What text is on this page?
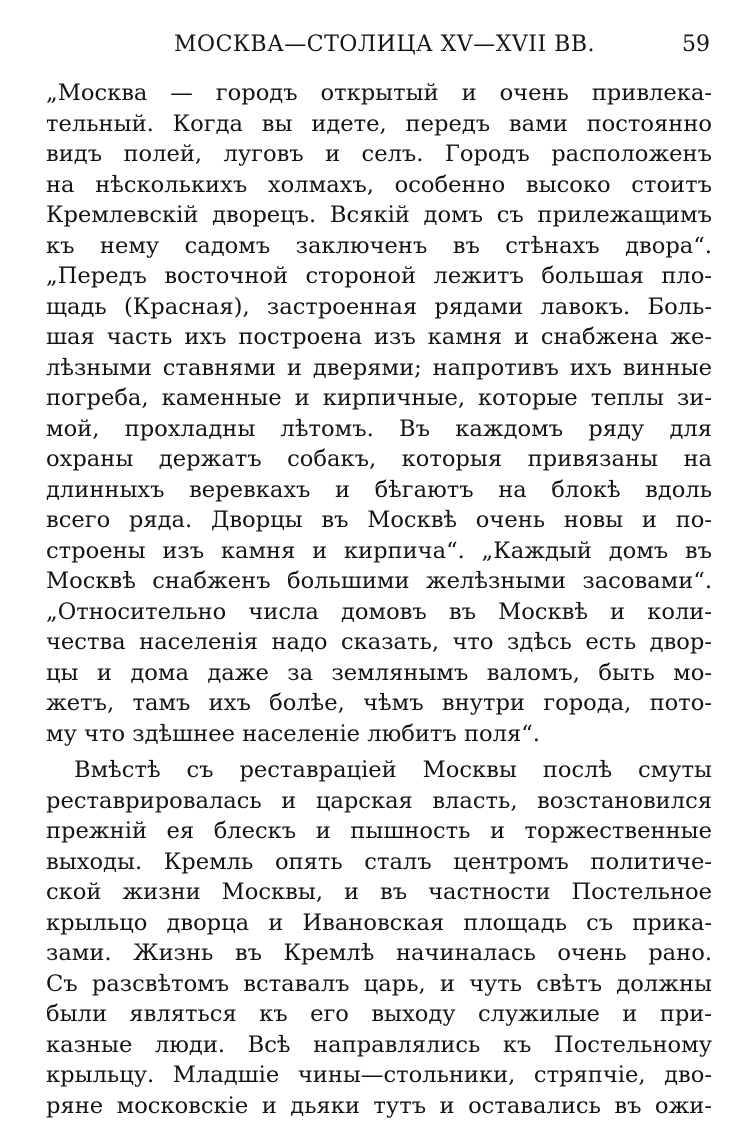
МОСКВА—СТОЛИЦА XV—XVII ВВ.	59
„Москва — городъ открытый и очень привлека-
тельный. Когда вы идете, передъ вами постоянно
видъ полей, луговъ и селъ. Городъ расположенъ
на нѣсколькихъ холмахъ, особенно высоко стоитъ
Кремлевскій дворецъ. Всякій домъ съ прилежащимъ
къ нему садомъ заключенъ въ стѣнахъ двора“.
„Передъ восточной стороной лежитъ большая пло-
щадь (Красная), застроенная рядами лавокъ. Боль-
шая часть ихъ построена изъ камня и снабжена же-
лѣзными ставнями и дверями; напротивъ ихъ винные
погреба, каменные и кирпичные, которые теплы зи-
мой, прохладны лѣтомъ. Въ каждомъ ряду для
охраны держатъ собакъ, которыя привязаны на
длинныхъ веревкахъ и бѣгаютъ на блокѣ вдоль
всего ряда. Дворцы въ Москвѣ очень новы и по-
строены изъ камня и кирпича“. „Каждый домъ въ
Москвѣ снабженъ большими желѣзными засовами“.
„Относительно числа домовъ въ Москвѣ и коли-
чества населенія надо сказать, что здѣсь есть двор-
цы и дома даже за землянымъ валомъ, быть мо-
жетъ, тамъ ихъ болѣе, чѣмъ внутри города, пото-
му что здѣшнее населеніе любитъ поля“.
Вмѣстѣ съ реставраціей Москвы послѣ смуты
реставрировалась и царская власть, возстановился
прежній ея блескъ и пышность и торжественные
выходы. Кремль опять сталъ центромъ политиче-
ской жизни Москвы, и въ частности Постельное
крыльцо дворца и Ивановская площадь съ прика-
зами. Жизнь въ Кремлѣ начиналась очень рано.
Съ разсвѣтомъ вставалъ царь, и чуть свѣтъ должны
были являться къ его выходу служилые и при-
казные люди. Всѣ направлялись къ Постельному
крыльцу. Младшіе чины—стольники, стряпчіе, дво-
ряне московскіе и дьяки тутъ и оставались въ ожи-
